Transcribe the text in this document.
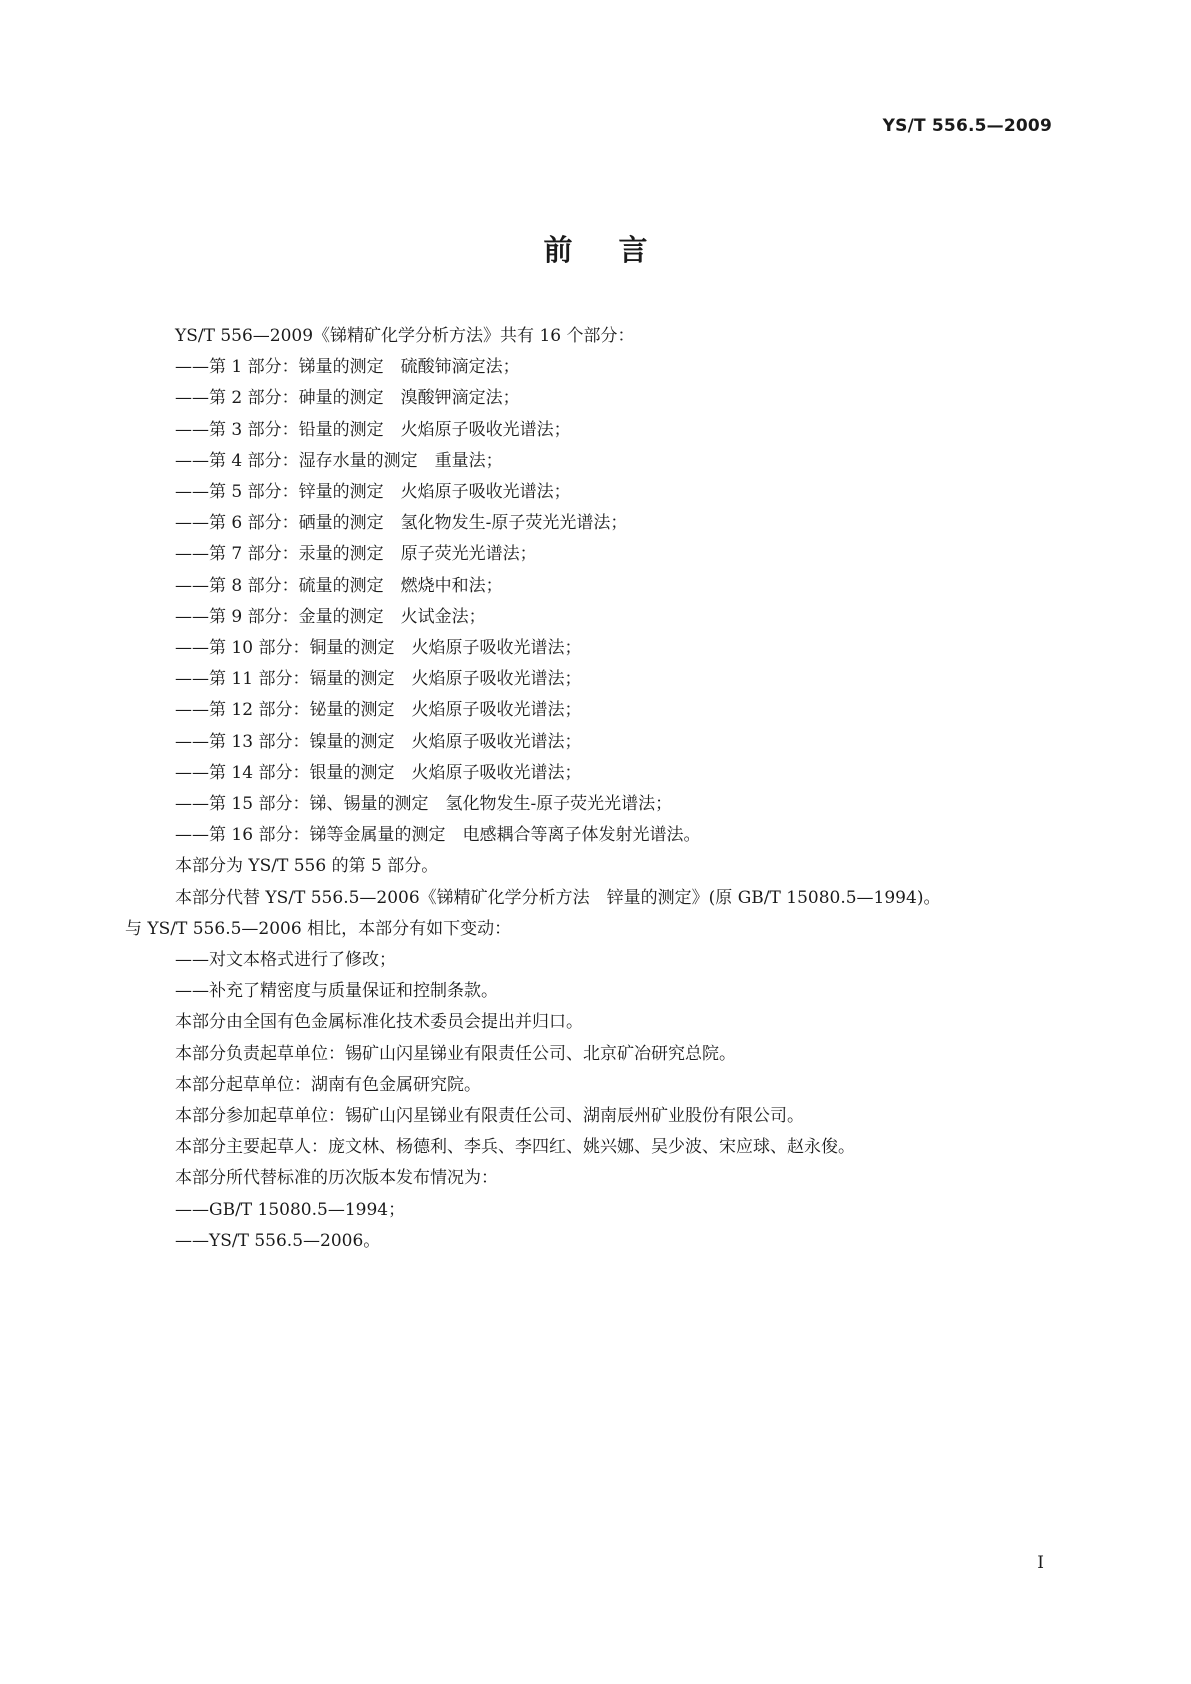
YS/T 556.5—2009
前言

YS/T 556—2009《锑精矿化学分析方法》共有 16 个部分：

——第 1 部分：锑量的测定　硫酸铈滴定法；

——第 2 部分：砷量的测定　溴酸钾滴定法；

——第 3 部分：铅量的测定　火焰原子吸收光谱法；

——第 4 部分：湿存水量的测定　重量法；

——第 5 部分：锌量的测定　火焰原子吸收光谱法；

——第 6 部分：硒量的测定　氢化物发生-原子荧光光谱法；

——第 7 部分：汞量的测定　原子荧光光谱法；

——第 8 部分：硫量的测定　燃烧中和法；

——第 9 部分：金量的测定　火试金法；

——第 10 部分：铜量的测定　火焰原子吸收光谱法；

——第 11 部分：镉量的测定　火焰原子吸收光谱法；

——第 12 部分：铋量的测定　火焰原子吸收光谱法；

——第 13 部分：镍量的测定　火焰原子吸收光谱法；

——第 14 部分：银量的测定　火焰原子吸收光谱法；

——第 15 部分：锑、锡量的测定　氢化物发生-原子荧光光谱法；

——第 16 部分：锑等金属量的测定　电感耦合等离子体发射光谱法。

本部分为 YS/T 556 的第 5 部分。

本部分代替 YS/T 556.5—2006《锑精矿化学分析方法　锌量的测定》(原 GB/T 15080.5—1994)。

与 YS/T 556.5—2006 相比，本部分有如下变动：

——对文本格式进行了修改；

——补充了精密度与质量保证和控制条款。

本部分由全国有色金属标准化技术委员会提出并归口。

本部分负责起草单位：锡矿山闪星锑业有限责任公司、北京矿冶研究总院。

本部分起草单位：湖南有色金属研究院。

本部分参加起草单位：锡矿山闪星锑业有限责任公司、湖南辰州矿业股份有限公司。

本部分主要起草人：庞文林、杨德利、李兵、李四红、姚兴娜、吴少波、宋应球、赵永俊。

本部分所代替标准的历次版本发布情况为：

——GB/T 15080.5—1994；

——YS/T 556.5—2006。

I
